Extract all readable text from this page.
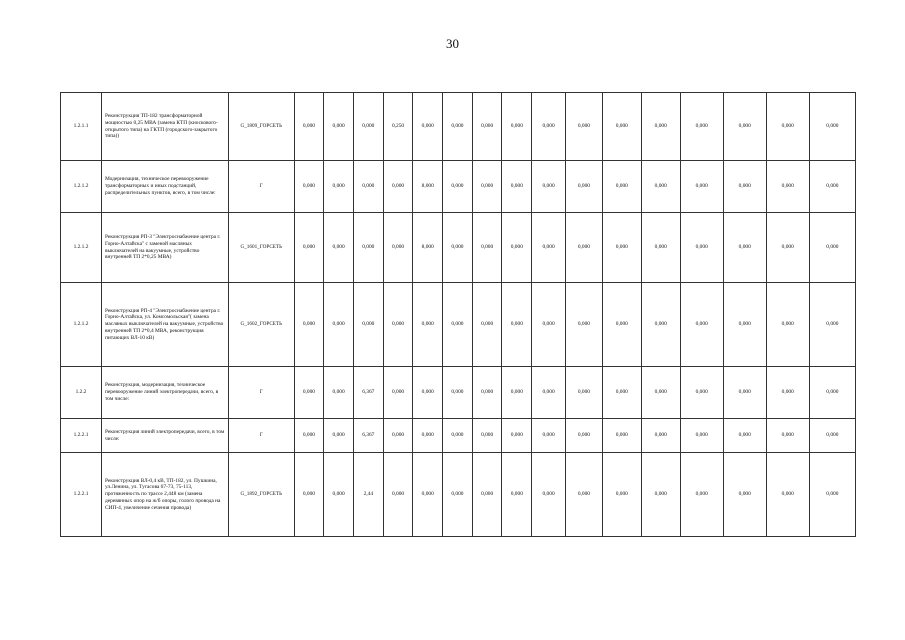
30
1.2.1.1	Реконструкция ТП-182 трансформаторной мощностью 0,25 МВА (замена КТП (киоскового-открытого типа) на ГКТП (городского-закрытого типа))	G_1809_ГОРСЕТЬ	0,000	0,000	0,000	0,250	0,000	0,000	0,000	0,000	0,000	0,000	0,000	0,000	0,000	0,000	0,000	0,000
1.2.1.2	Модернизация, техническое перевооружение трансформаторных и иных подстанций, распределительных пунктов, всего, в том числе:	Г	0,000	0,000	0,000	0,000	8,000	0,000	0,000	0,000	0,000	0,000	0,000	0,000	0,000	0,000	0,000	0,000
1.2.1.2	Реконструкция РП-3 "Электроснабжение центра г. Горно-Алтайска" с заменой масляных выключателей на вакуумные, устройство внутренней ТП 2*0,25 МВА)	G_1601_ГОРСЕТЬ	0,000	0,000	0,000	0,000	8,000	0,000	0,000	0,000	0,000	0,000	0,000	0,000	0,000	0,000	0,000	0,000
1.2.1.2	Реконструкция РП-4 "Электроснабжение центра г. Горно-Алтайска, ул. Комсомольская"( замена масляных выключателей на вакуумные, устройство внутренней ТП 2*0,4 МВА, реконструкция питающих ВЛ-10 кВ)	G_1602_ГОРСЕТЬ	0,000	0,000	0,000	0,000	0,000	0,000	0,000	0,000	0,000	0,000	0,000	0,000	0,000	0,000	0,000	0,000
1.2.2	Реконструкция, модернизация, техническое перевооружение линий электропередачи, всего, в том числе:	Г	0,000	0,000	6,367	0,000	0,000	0,000	0,000	0,000	0,000	0,000	0,000	0,000	0,000	0,000	0,000	0,000
1.2.2.1	Реконструкция линий электропередачи, всего, в том числе:	Г	0,000	0,000	6,367	0,000	0,000	0,000	0,000	0,000	0,000	0,000	0,000	0,000	0,000	0,000	0,000	0,000
1.2.2.1	Реконструкция ВЛ-0,4 кВ, ТП-182, ул. Пушкина, ул.Ленина, ул. Тугасова 67-73, 75-113, протяженность по трассе 2,448 км (замена деревянных опор на ж/б опоры, голого провода на СИП-4, увеличение сечения провода)	G_1892_ГОРСЕТЬ	0,000	0,000	2,44	0,000	0,000	0,000	0,000	0,000	0,000	0,000	0,000	0,000	0,000	0,000	0,000	0,000
